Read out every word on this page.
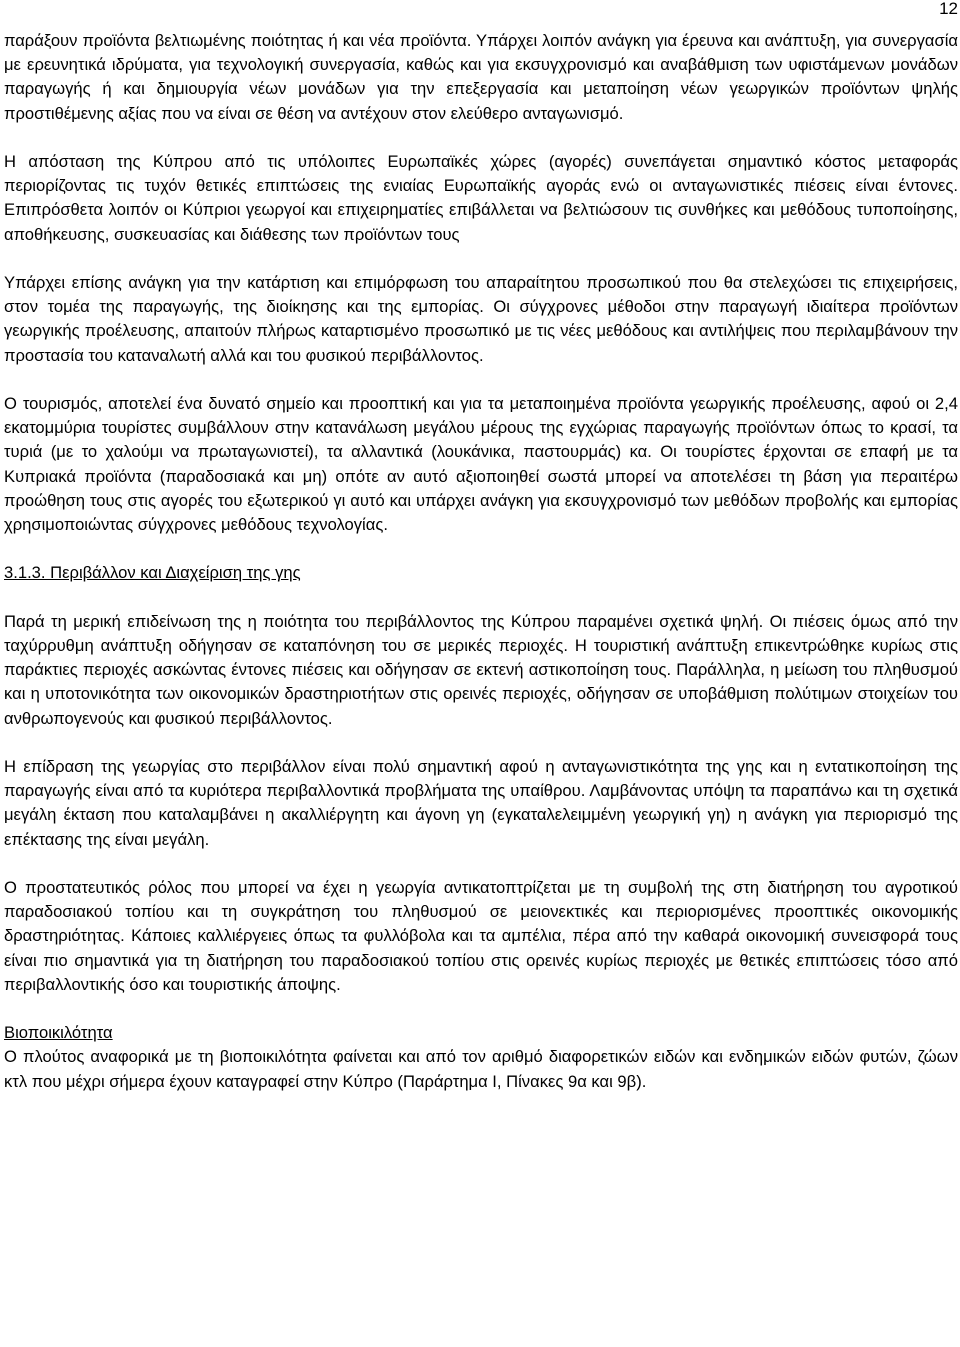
12

παράξουν προϊόντα βελτιωμένης ποιότητας ή και νέα προϊόντα. Υπάρχει λοιπόν ανάγκη για έρευνα και ανάπτυξη, για συνεργασία με ερευνητικά ιδρύματα, για τεχνολογική συνεργασία, καθώς και για εκσυγχρονισμό και αναβάθμιση των υφιστάμενων μονάδων παραγωγής ή και δημιουργία νέων μονάδων για την επεξεργασία και μεταποίηση νέων γεωργικών προϊόντων ψηλής προστιθέμενης αξίας που να είναι σε θέση να αντέχουν στον ελεύθερο ανταγωνισμό.

Η απόσταση της Κύπρου από τις υπόλοιπες Ευρωπαϊκές χώρες (αγορές) συνεπάγεται σημαντικό κόστος μεταφοράς περιορίζοντας τις τυχόν θετικές επιπτώσεις της ενιαίας Ευρωπαϊκής αγοράς ενώ οι ανταγωνιστικές πιέσεις είναι έντονες. Επιπρόσθετα λοιπόν οι Κύπριοι γεωργοί και επιχειρηματίες επιβάλλεται να βελτιώσουν τις συνθήκες και μεθόδους τυποποίησης, αποθήκευσης, συσκευασίας και διάθεσης των προϊόντων τους

Υπάρχει επίσης ανάγκη για την κατάρτιση και επιμόρφωση του απαραίτητου προσωπικού που θα στελεχώσει τις επιχειρήσεις, στον τομέα της παραγωγής, της διοίκησης και της εμπορίας. Οι σύγχρονες μέθοδοι στην παραγωγή ιδιαίτερα προϊόντων γεωργικής προέλευσης, απαιτούν πλήρως καταρτισμένο προσωπικό με τις νέες μεθόδους και αντιλήψεις που περιλαμβάνουν την προστασία του καταναλωτή αλλά και του φυσικού περιβάλλοντος.

Ο τουρισμός, αποτελεί ένα δυνατό σημείο και προοπτική και για τα μεταποιημένα προϊόντα γεωργικής προέλευσης, αφού οι 2,4 εκατομμύρια τουρίστες συμβάλλουν στην κατανάλωση μεγάλου μέρους της εγχώριας παραγωγής προϊόντων όπως το κρασί, τα τυριά (με το χαλούμι να πρωταγωνιστεί), τα αλλαντικά (λουκάνικα, παστουρμάς) κα. Οι τουρίστες έρχονται σε επαφή με τα Κυπριακά προϊόντα (παραδοσιακά και μη) οπότε αν αυτό αξιοποιηθεί σωστά μπορεί να αποτελέσει τη βάση για περαιτέρω προώθηση τους στις αγορές του εξωτερικού γι αυτό και υπάρχει ανάγκη για εκσυγχρονισμό των μεθόδων προβολής και εμπορίας χρησιμοποιώντας σύγχρονες μεθόδους τεχνολογίας.

3.1.3. Περιβάλλον και Διαχείριση της γης

Παρά τη μερική επιδείνωση της η ποιότητα του περιβάλλοντος της Κύπρου παραμένει σχετικά ψηλή. Οι πιέσεις όμως από την ταχύρρυθμη ανάπτυξη οδήγησαν σε καταπόνηση του σε μερικές περιοχές. Η τουριστική ανάπτυξη επικεντρώθηκε κυρίως στις παράκτιες περιοχές ασκώντας έντονες πιέσεις και οδήγησαν σε εκτενή αστικοποίηση τους. Παράλληλα, η μείωση του πληθυσμού και η υποτονικότητα των οικονομικών δραστηριοτήτων στις ορεινές περιοχές, οδήγησαν σε υποβάθμιση πολύτιμων στοιχείων του ανθρωπογενούς και φυσικού περιβάλλοντος.

Η επίδραση της γεωργίας στο περιβάλλον είναι πολύ σημαντική αφού η ανταγωνιστικότητα της γης και η εντατικοποίηση της παραγωγής είναι από τα κυριότερα περιβαλλοντικά προβλήματα της υπαίθρου. Λαμβάνοντας υπόψη τα παραπάνω και τη σχετικά μεγάλη έκταση που καταλαμβάνει η ακαλλιέργητη και άγονη γη (εγκαταλελειμμένη γεωργική γη) η ανάγκη για περιορισμό της επέκτασης της είναι μεγάλη.

Ο προστατευτικός ρόλος που μπορεί να έχει η γεωργία αντικατοπτρίζεται με τη συμβολή της στη διατήρηση του αγροτικού παραδοσιακού τοπίου και τη συγκράτηση του πληθυσμού σε μειονεκτικές και περιορισμένες προοπτικές οικονομικής δραστηριότητας. Κάποιες καλλιέργειες όπως τα φυλλόβολα και τα αμπέλια, πέρα από την καθαρά οικονομική συνεισφορά τους είναι πιο σημαντικά για τη διατήρηση του παραδοσιακού τοπίου στις ορεινές κυρίως περιοχές με θετικές επιπτώσεις τόσο από περιβαλλοντικής όσο και τουριστικής άποψης.

Βιοποικιλότητα

Ο πλούτος αναφορικά με τη βιοποικιλότητα φαίνεται και από τον αριθμό διαφορετικών ειδών και ενδημικών ειδών φυτών, ζώων κτλ που μέχρι σήμερα έχουν καταγραφεί στην Κύπρο (Παράρτημα Ι, Πίνακες 9α και 9β).
